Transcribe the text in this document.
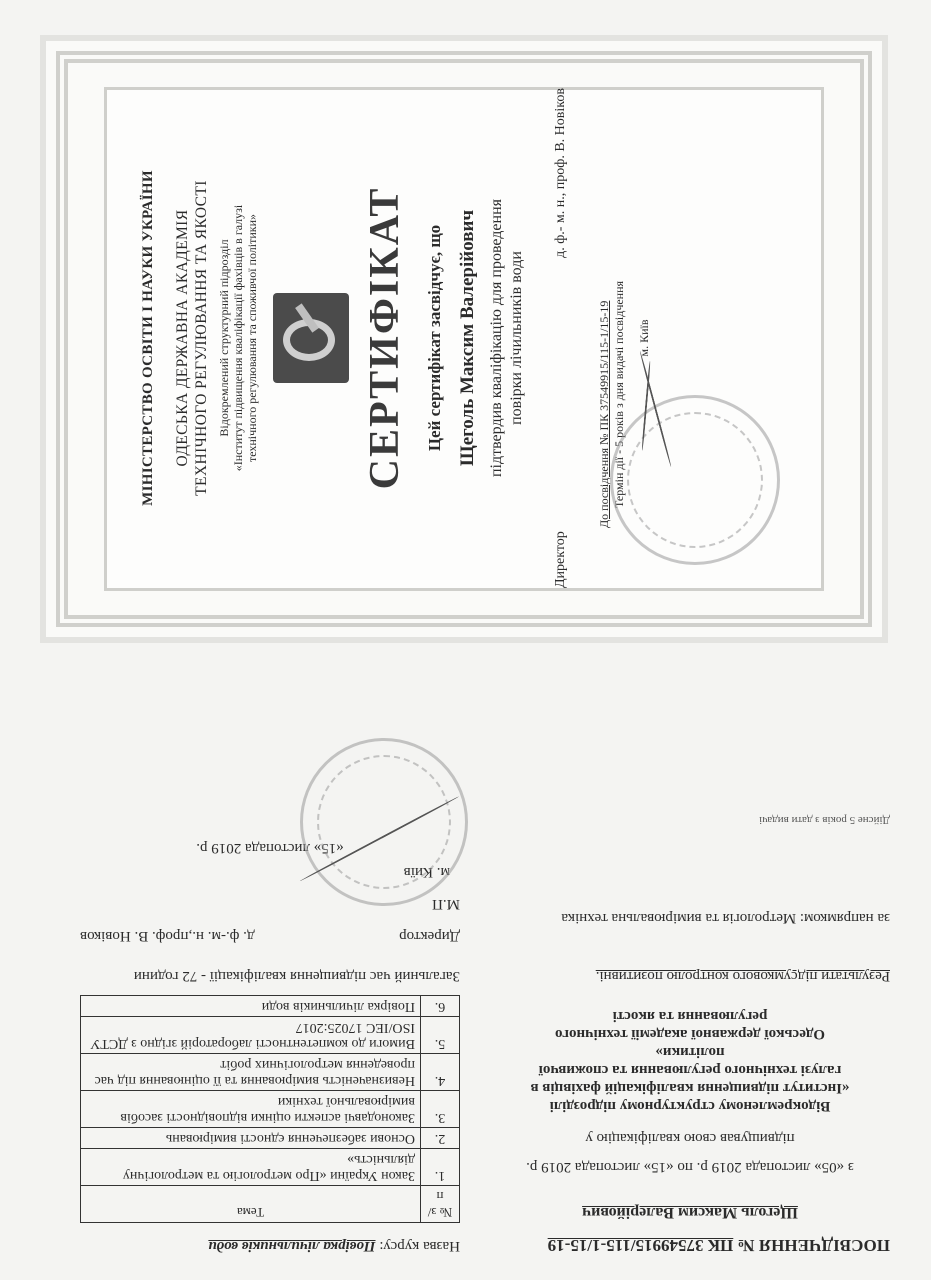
МІНІСТЕРСТВО ОСВІТИ І НАУКИ УКРАЇНИ ОДЕСЬКА ДЕРЖАВНА АКАДЕМІЯ ТЕХНІЧНОГО РЕГУЛЮВАННЯ ТА ЯКОСТІ Відокремлений структурний підрозділ «Інститут підвищення кваліфікації фахівців в галузі технічного регулювання та споживчої політики» СЕРТИФІКАТ Цей сертифікат засвідчує, що Щеголь Максим Валерійович підтвердив кваліфікацію для проведення повірки лічильників води
Директор
д. ф.- м. н., проф. В. Новіков
До посвідчення № ПК 37549915/115-1/15-19 Термін дії - 5 років з дня видачі посвідчення м. Київ
ПОСВІДЧЕННЯ № ПК 37549915/115-1/15-19
Щеголь Максим Валерійович
з «05» листопада 2019 р. по «15» листопада 2019 р.
підвищував свою кваліфікацію у
Відокремленому структурному підрозділі
«Інститут підвищення кваліфікацій фахівців в
галузі технічного регулювання та споживчої
політики»
Одеської державної академії технічного
регулювання та якості
Результати підсумкового контролю позитивні.
за напрямком: Метрологія та вимірювальна техніка
Дійсне 5 років з дати видачі
Назва курсу: Повірка лічильників води
№ з/п	Тема
1.	Закон України «Про метрологію та метрологічну діяльність»
2.	Основи забезпечення єдності вимірювань
3.	Законодавчі аспекти оцінки відповідності засобів вимірювальної техніки
4.	Невизначеність вимірювання та її оцінювання під час проведення метрологічних робіт
5.	Вимоги до компетентності лабораторій згідно з ДСТУ ISO/IEC 17025:2017
6.	Повірка лічильників води
Загальний час підвищення кваліфікації - 72 години
Директор
д. ф.-м. н.,проф. В. Новіков
М.П
м. Київ
«15» листопада 2019 р.
